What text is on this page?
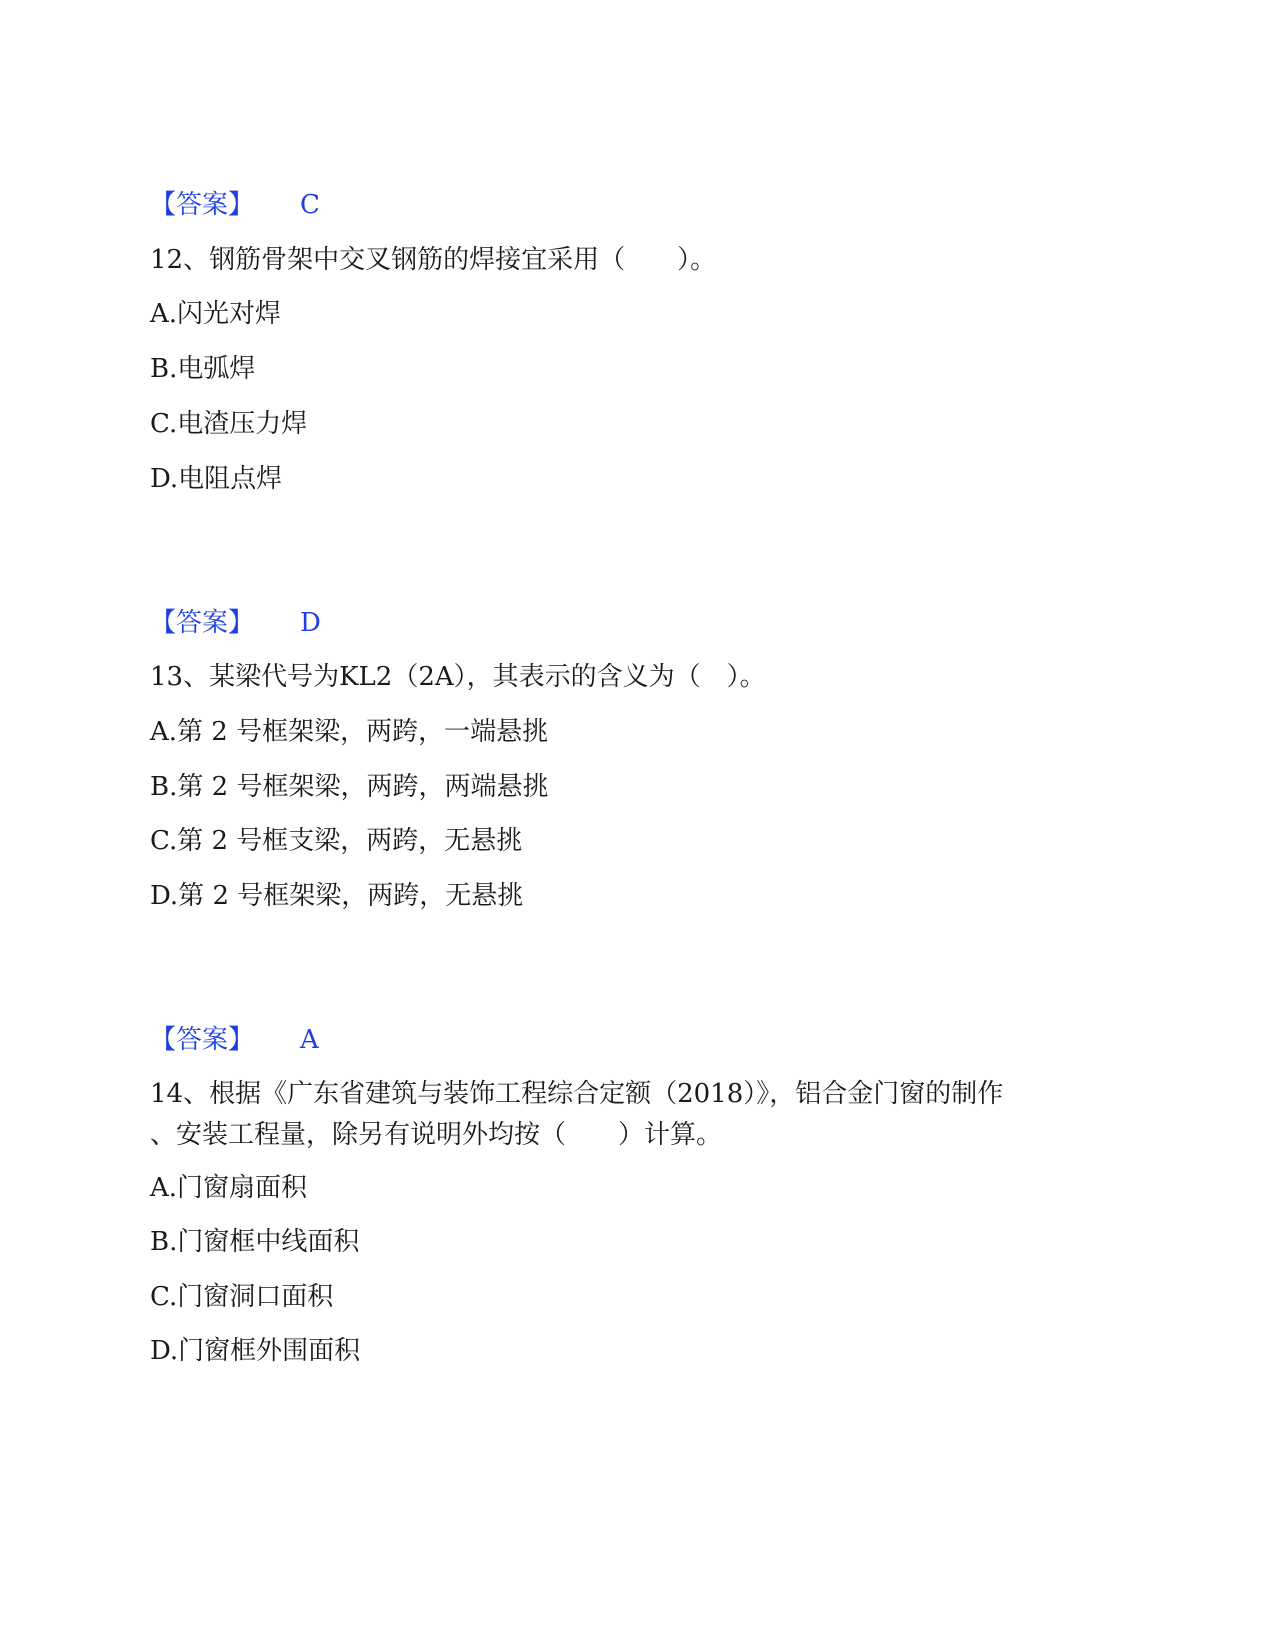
【答案】 C
12、钢筋骨架中交叉钢筋的焊接宜采用（　　）。
A.闪光对焊
B.电弧焊
C.电渣压力焊
D.电阻点焊
【答案】 D
13、某梁代号为KL2（2A），其表示的含义为（　）。
A.第 2 号框架梁，两跨，一端悬挑
B.第 2 号框架梁，两跨，两端悬挑
C.第 2 号框支梁，两跨，无悬挑
D.第 2 号框架梁，两跨，无悬挑
【答案】 A
14、根据《广东省建筑与装饰工程综合定额（2018）》，铝合金门窗的制作
、安装工程量，除另有说明外均按（　　）计算。
A.门窗扇面积
B.门窗框中线面积
C.门窗洞口面积
D.门窗框外围面积
